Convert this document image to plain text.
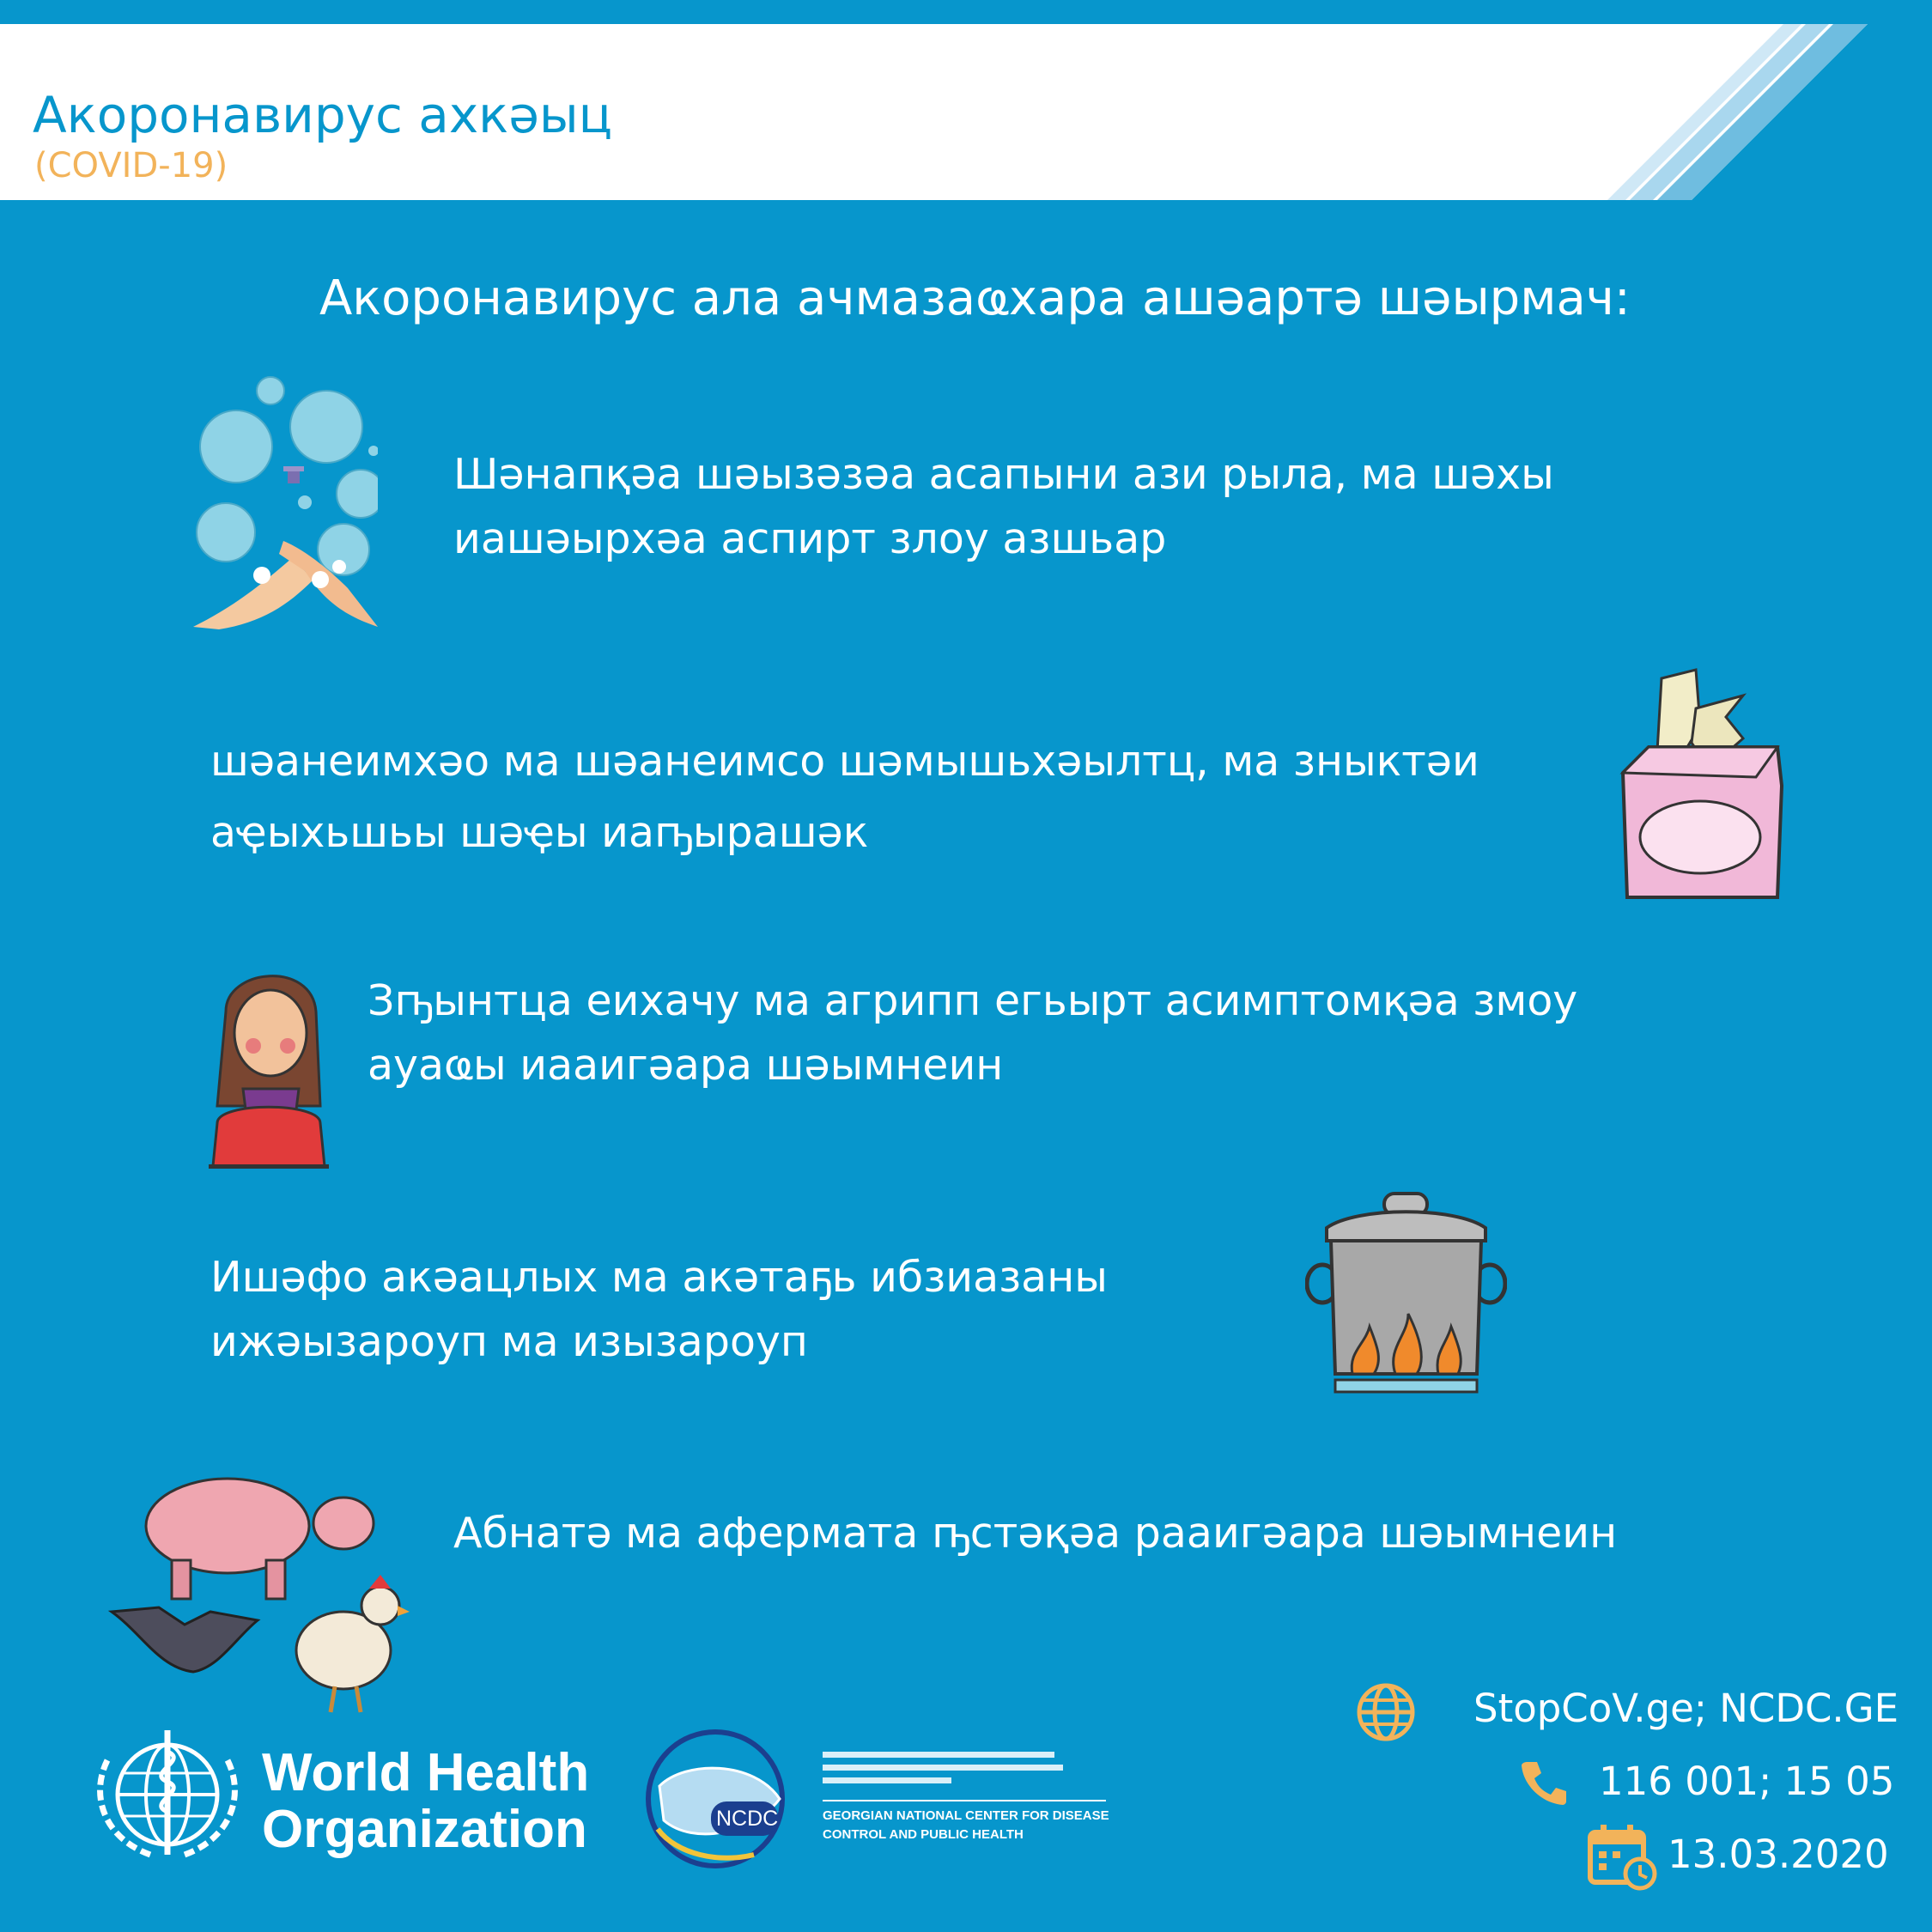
Акоронавирус ахкәыц
(COVID-19)
Акоронавирус ала ачмазаҩхара ашәартә шәырмач:
Шәнапқәа шәызәзәа асапыни ази рыла, ма шәхы
иашәырхәа аспирт злоу азшьар
шәанеимхәо ма шәанеимсо шәмышьхәылтц, ма зныктәи
аҿыхьшьы шәҿы иаҧырашәк
Зҧынтца еихачу ма агрипп егьырт асимптомқәа змоу
ауаҩы иааигәара шәымнеин
Ишәфо акәацлых ма акәтаҕь ибзиазаны
ижәызароуп ма изызароуп
Абнатә ма афермата ҧстәқәа раaигәара шәымнеин
StopCoV.ge; NCDC.GE
116 001; 15 05
13.03.2020
World Health
Organization	NCDC	GEORGIAN NATIONAL CENTER FOR DISEASE
CONTROL AND PUBLIC HEALTH
